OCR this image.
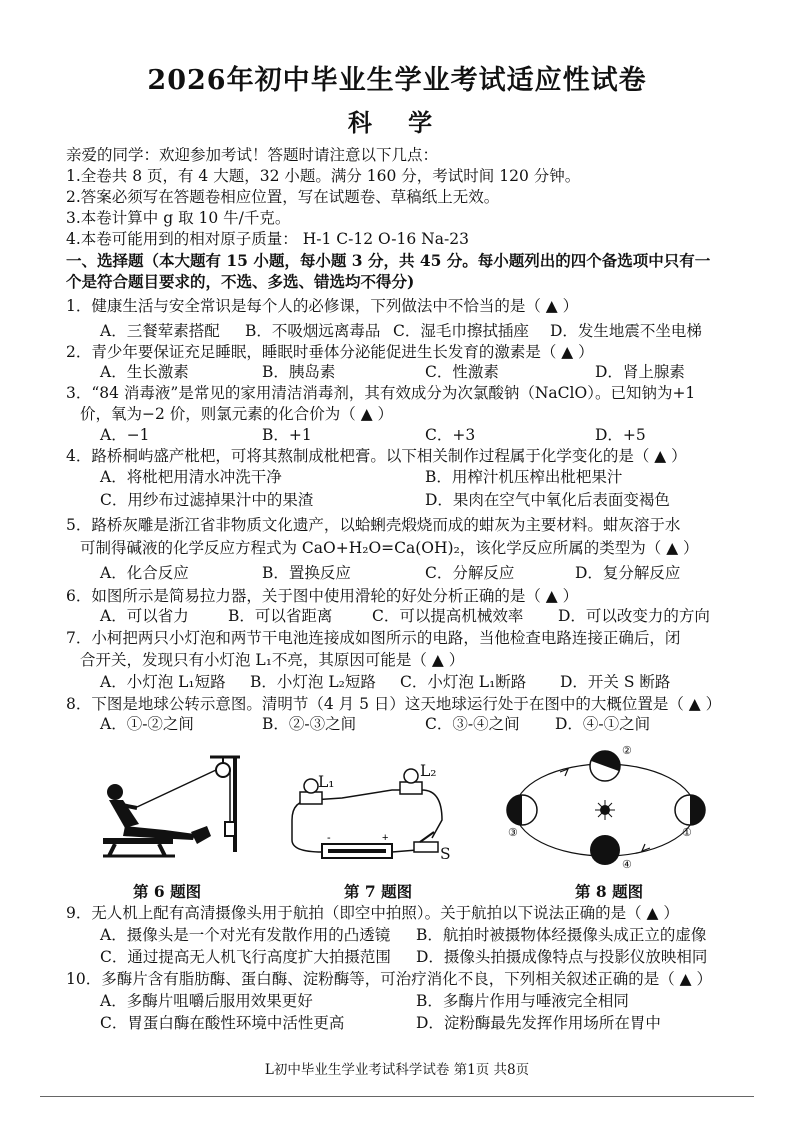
2026年初中毕业生学业考试适应性试卷
科 学
亲爱的同学：欢迎参加考试！答题时请注意以下几点：
1.全卷共 8 页，有 4 大题，32 小题。满分 160 分，考试时间 120 分钟。
2.答案必须写在答题卷相应位置，写在试题卷、草稿纸上无效。
3.本卷计算中 g 取 10 牛/千克。
4.本卷可能用到的相对原子质量： H-1 C-12 O-16 Na-23
一、选择题（本大题有 15 小题，每小题 3 分，共 45 分。每小题列出的四个备选项中只有一
个是符合题目要求的，不选、多选、错选均不得分)
1．健康生活与安全常识是每个人的必修课，下列做法中不恰当的是（ ▲ ）
A．三餐荤素搭配 B．不吸烟远离毒品 C．湿毛巾擦拭插座 D．发生地震不坐电梯
2．青少年要保证充足睡眠，睡眠时垂体分泌能促进生长发育的激素是（ ▲ ）
A．生长激素	B．胰岛素	C．性激素	D．肾上腺素
3．“84 消毒液”是常见的家用清洁消毒剂，其有效成分为次氯酸钠（NaClO）。已知钠为+1
价，氧为−2 价，则氯元素的化合价为（ ▲ ）
A．−1	B．+1	C．+3	D．+5
4．路桥桐屿盛产枇杷，可将其熬制成枇杷膏。以下相关制作过程属于化学变化的是（ ▲ ）
A．将枇杷用清水冲洗干净	B．用榨汁机压榨出枇杷果汁
C．用纱布过滤掉果汁中的果渣	D．果肉在空气中氧化后表面变褐色
5．路桥灰雕是浙江省非物质文化遗产，以蛤蜊壳煅烧而成的蚶灰为主要材料。蚶灰溶于水
可制得碱液的化学反应方程式为 CaO+H₂O=Ca(OH)₂，该化学反应所属的类型为（ ▲ ）
A．化合反应	B．置换反应	C．分解反应	D．复分解反应
6．如图所示是简易拉力器，关于图中使用滑轮的好处分析正确的是（ ▲ ）
A．可以省力	B．可以省距离	C．可以提高机械效率 D．可以改变力的方向
7．小柯把两只小灯泡和两节干电池连接成如图所示的电路，当他检查电路连接正确后，闭
合开关，发现只有小灯泡 L₁不亮，其原因可能是（ ▲ ）
A．小灯泡 L₁短路 B．小灯泡 L₂短路 C．小灯泡 L₁断路 D．开关 S 断路
8．下图是地球公转示意图。清明节（4 月 5 日）这天地球运行处于在图中的大概位置是（ ▲ ）
A．①-②之间	B．②-③之间	C．③-④之间 D．④-①之间
第 6 题图
-	+
L₁
L₂
S
第 7 题图
②
③	①
④
第 8 题图
9．无人机上配有高清摄像头用于航拍（即空中拍照）。关于航拍以下说法正确的是（ ▲ ）
A．摄像头是一个对光有发散作用的凸透镜 B．航拍时被摄物体经摄像头成正立的虚像
C．通过提高无人机飞行高度扩大拍摄范围 D．摄像头拍摄成像特点与投影仪放映相同
10．多酶片含有脂肪酶、蛋白酶、淀粉酶等，可治疗消化不良，下列相关叙述正确的是（ ▲ ）
A．多酶片咀嚼后服用效果更好	B．多酶片作用与唾液完全相同
C．胃蛋白酶在酸性环境中活性更高	D．淀粉酶最先发挥作用场所在胃中
L初中毕业生学业考试科学试卷 第1页 共8页
